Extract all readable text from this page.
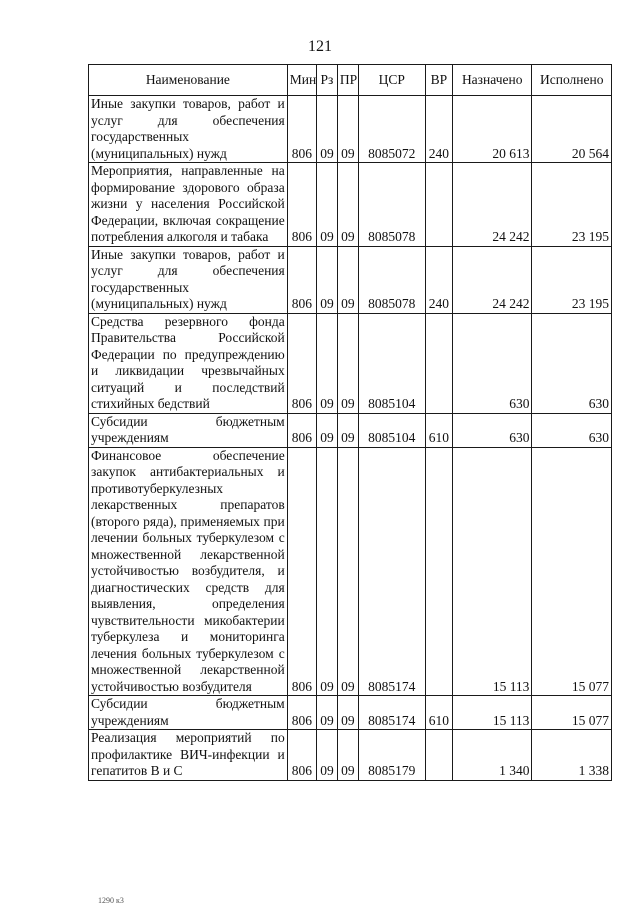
121
Наименование	Мин	Рз	ПР	ЦСР	ВР	Назначено	Исполнено
Иные закупки товаров, работ и услуг для обеспечения государственных (муниципальных) нужд	806	09	09	8085072	240	20 613	20 564
Мероприятия, направленные на формирование здорового образа жизни у населения Российской Федерации, включая сокращение потребления алкоголя и табака	806	09	09	8085078		24 242	23 195
Иные закупки товаров, работ и услуг для обеспечения государственных (муниципальных) нужд	806	09	09	8085078	240	24 242	23 195
Средства резервного фонда Правительства Российской Федерации по предупреждению и ликвидации чрезвычайных ситуаций и последствий стихийных бедствий	806	09	09	8085104		630	630
Субсидии бюджетным учреждениям	806	09	09	8085104	610	630	630
Финансовое обеспечение закупок антибактериальных и противотуберкулезных лекарственных препаратов (второго ряда), применяемых при лечении больных туберкулезом с множественной лекарственной устойчивостью возбудителя, и диагностических средств для выявления, определения чувствительности микобактерии туберкулеза и мониторинга лечения больных туберкулезом с множественной лекарственной устойчивостью возбудителя	806	09	09	8085174		15 113	15 077
Субсидии бюджетным учреждениям	806	09	09	8085174	610	15 113	15 077
Реализация мероприятий по профилактике ВИЧ-инфекции и гепатитов В и С	806	09	09	8085179		1 340	1 338
1290 к3
